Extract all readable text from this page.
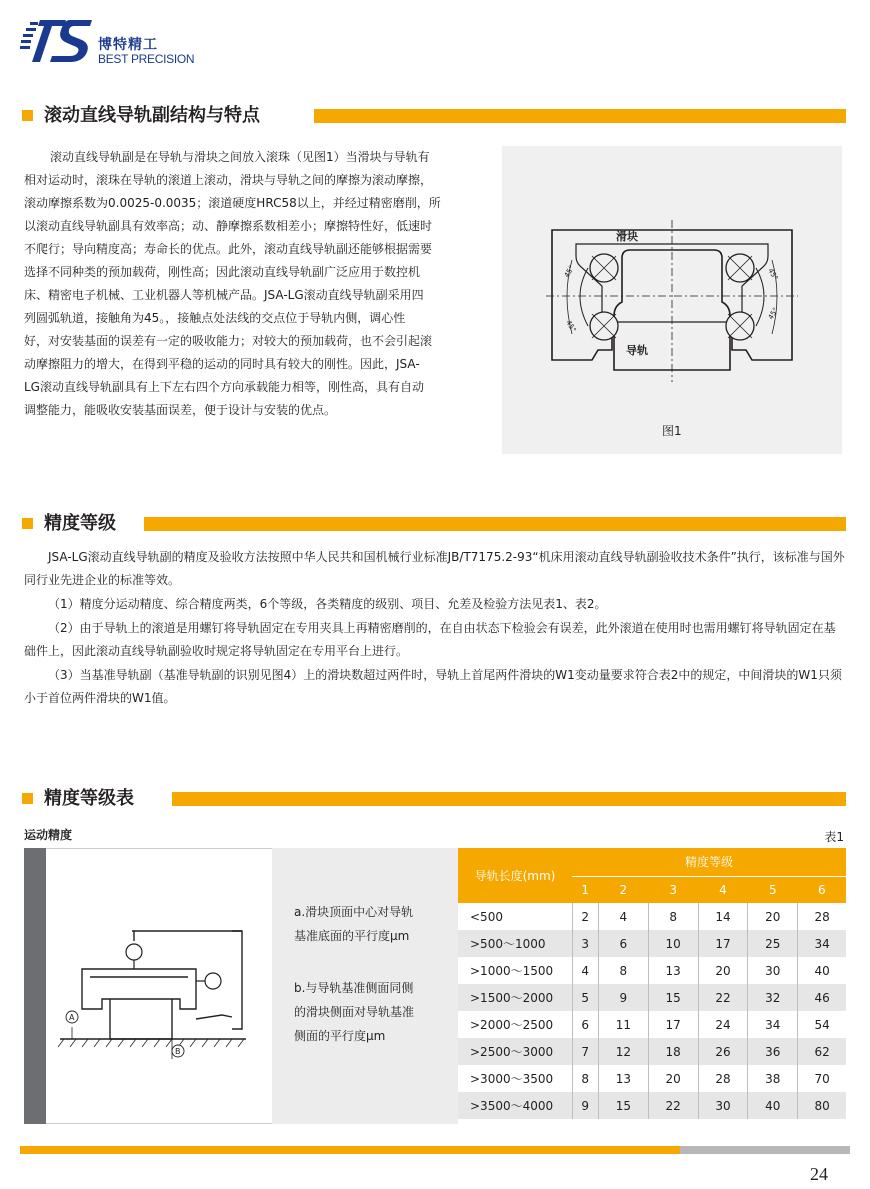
博特精工
BEST PRECISION
滚动直线导轨副结构与特点
滚动直线导轨副是在导轨与滑块之间放入滚珠（见图1）当滑块与导轨有
相对运动时，滚珠在导轨的滚道上滚动，滑块与导轨之间的摩擦为滚动摩擦，
滚动摩擦系数为0.0025-0.0035；滚道硬度HRC58以上，并经过精密磨削，所
以滚动直线导轨副具有效率高；动、静摩擦系数相差小；摩擦特性好，低速时
不爬行；导向精度高；寿命长的优点。此外，滚动直线导轨副还能够根据需要
选择不同种类的预加载荷，刚性高；因此滚动直线导轨副广泛应用于数控机
床、精密电子机械、工业机器人等机械产品。JSA-LG滚动直线导轨副采用四
列圆弧轨道，接触角为45。，接触点处法线的交点位于导轨内侧，调心性
好，对安装基面的误差有一定的吸收能力；对较大的预加载荷，也不会引起滚
动摩擦阻力的增大，在得到平稳的运动的同时具有较大的刚性。因此，JSA-
LG滚动直线导轨副具有上下左右四个方向承载能力相等，刚性高，具有自动
调整能力，能吸收安装基面误差，便于设计与安装的优点。
45°
45°
45°
45°
滑块
导轨
图1
精度等级

JSA-LG滚动直线导轨副的精度及验收方法按照中华人民共和国机械行业标准JB/T7175.2-93“机床用滚动直线导轨副验收技术条件”执行，该标准与国外同行业先进企业的标准等效。

（1）精度分运动精度、综合精度两类，6个等级，各类精度的级别、项目、允差及检验方法见表1、表2。

（2）由于导轨上的滚道是用螺钉将导轨固定在专用夹具上再精密磨削的，在自由状态下检验会有误差，此外滚道在使用时也需用螺钉将导轨固定在基础件上，因此滚动直线导轨副验收时规定将导轨固定在专用平台上进行。

（3）当基准导轨副（基准导轨副的识别见图4）上的滑块数超过两件时，导轨上首尾两件滑块的W1变动量要求符合表2中的规定，中间滑块的W1只须小于首位两件滑块的W1值。

精度等级表
运动精度	表1
A
B
a.滑块顶面中心对导轨
基准底面的平行度μm
b.与导轨基准侧面同侧
的滑块侧面对导轨基准
侧面的平行度μm
导轨长度(mm)	精度等级					
	1	2	3	4	5	6
<500	2	4	8	14	20	28
>500～1000	3	6	10	17	25	34
>1000～1500	4	8	13	20	30	40
>1500～2000	5	9	15	22	32	46
>2000～2500	6	11	17	24	34	54
>2500～3000	7	12	18	26	36	62
>3000～3500	8	13	20	28	38	70
>3500～4000	9	15	22	30	40	80
24
